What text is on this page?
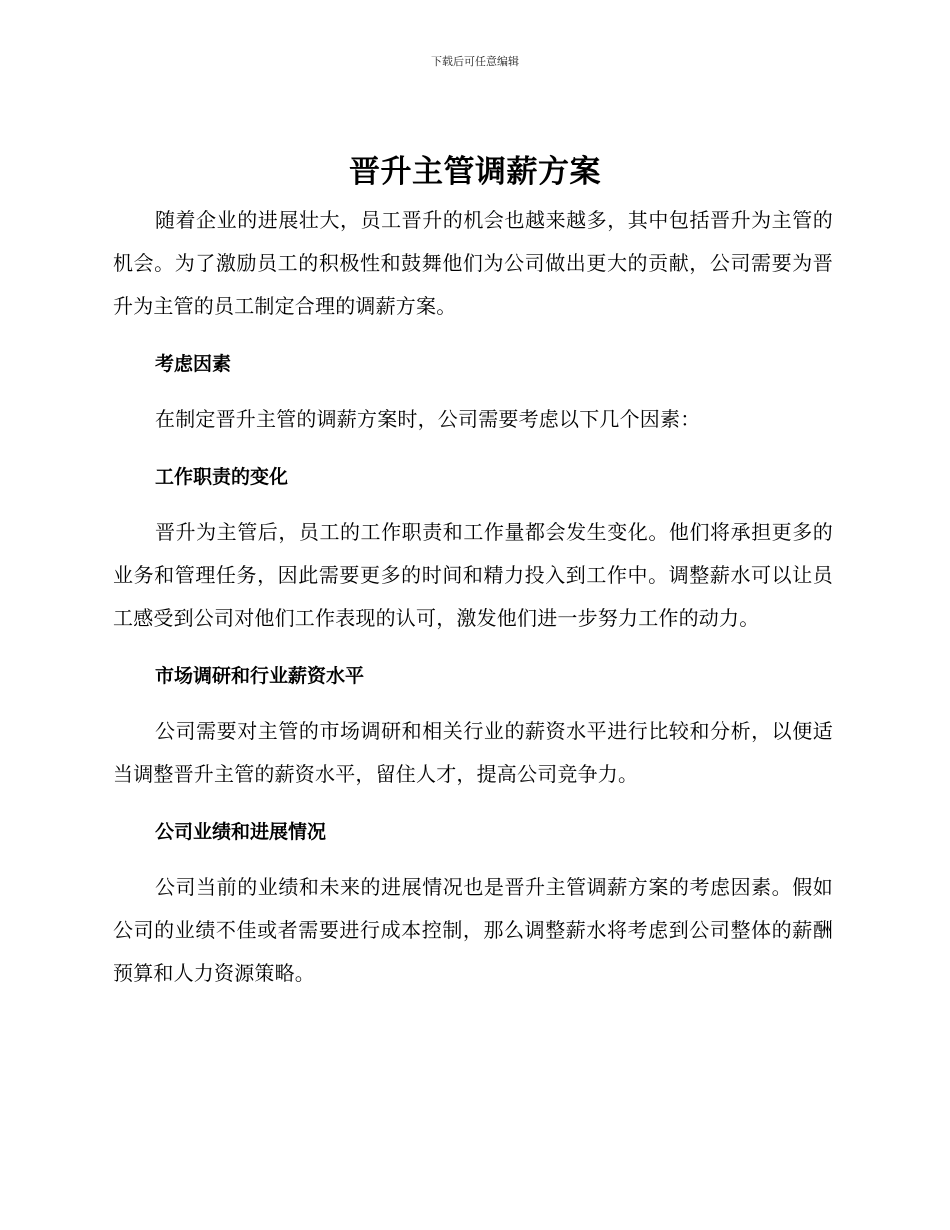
下载后可任意编辑
晋升主管调薪方案

随着企业的进展壮大，员工晋升的机会也越来越多，其中包括晋升为主管的机会。为了激励员工的积极性和鼓舞他们为公司做出更大的贡献，公司需要为晋升为主管的员工制定合理的调薪方案。

考虑因素

在制定晋升主管的调薪方案时，公司需要考虑以下几个因素：

工作职责的变化

晋升为主管后，员工的工作职责和工作量都会发生变化。他们将承担更多的业务和管理任务，因此需要更多的时间和精力投入到工作中。调整薪水可以让员工感受到公司对他们工作表现的认可，激发他们进一步努力工作的动力。

市场调研和行业薪资水平

公司需要对主管的市场调研和相关行业的薪资水平进行比较和分析，以便适当调整晋升主管的薪资水平，留住人才，提高公司竞争力。

公司业绩和进展情况

公司当前的业绩和未来的进展情况也是晋升主管调薪方案的考虑因素。假如公司的业绩不佳或者需要进行成本控制，那么调整薪水将考虑到公司整体的薪酬预算和人力资源策略。
